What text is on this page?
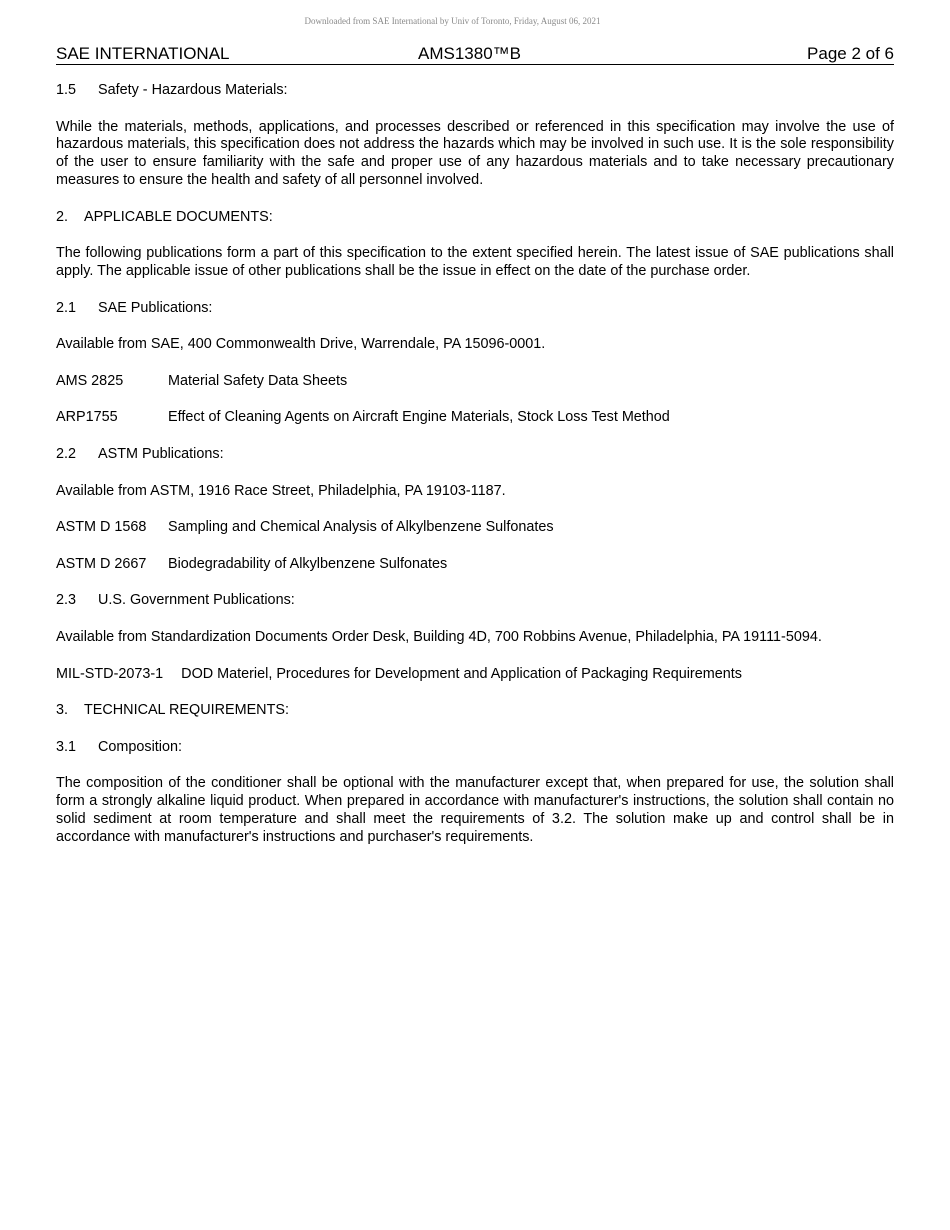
Downloaded from SAE International by Univ of Toronto, Friday, August 06, 2021
SAE INTERNATIONAL	AMS1380™B	Page 2 of 6

1.5 Safety - Hazardous Materials:

While the materials, methods, applications, and processes described or referenced in this specification may involve the use of hazardous materials, this specification does not address the hazards which may be involved in such use. It is the sole responsibility of the user to ensure familiarity with the safe and proper use of any hazardous materials and to take necessary precautionary measures to ensure the health and safety of all personnel involved.

2. APPLICABLE DOCUMENTS:

The following publications form a part of this specification to the extent specified herein. The latest issue of SAE publications shall apply. The applicable issue of other publications shall be the issue in effect on the date of the purchase order.

2.1 SAE Publications:

Available from SAE, 400 Commonwealth Drive, Warrendale, PA 15096-0001.

AMS 2825	Material Safety Data Sheets

ARP1755	Effect of Cleaning Agents on Aircraft Engine Materials, Stock Loss Test Method

2.2 ASTM Publications:

Available from ASTM, 1916 Race Street, Philadelphia, PA 19103-1187.

ASTM D 1568 Sampling and Chemical Analysis of Alkylbenzene Sulfonates

ASTM D 2667 Biodegradability of Alkylbenzene Sulfonates

2.3 U.S. Government Publications:

Available from Standardization Documents Order Desk, Building 4D, 700 Robbins Avenue, Philadelphia, PA 19111-5094.

MIL-STD-2073-1 DOD Materiel, Procedures for Development and Application of Packaging Requirements

3. TECHNICAL REQUIREMENTS:

3.1 Composition:

The composition of the conditioner shall be optional with the manufacturer except that, when prepared for use, the solution shall form a strongly alkaline liquid product. When prepared in accordance with manufacturer's instructions, the solution shall contain no solid sediment at room temperature and shall meet the requirements of 3.2. The solution make up and control shall be in accordance with manufacturer's instructions and purchaser's requirements.
